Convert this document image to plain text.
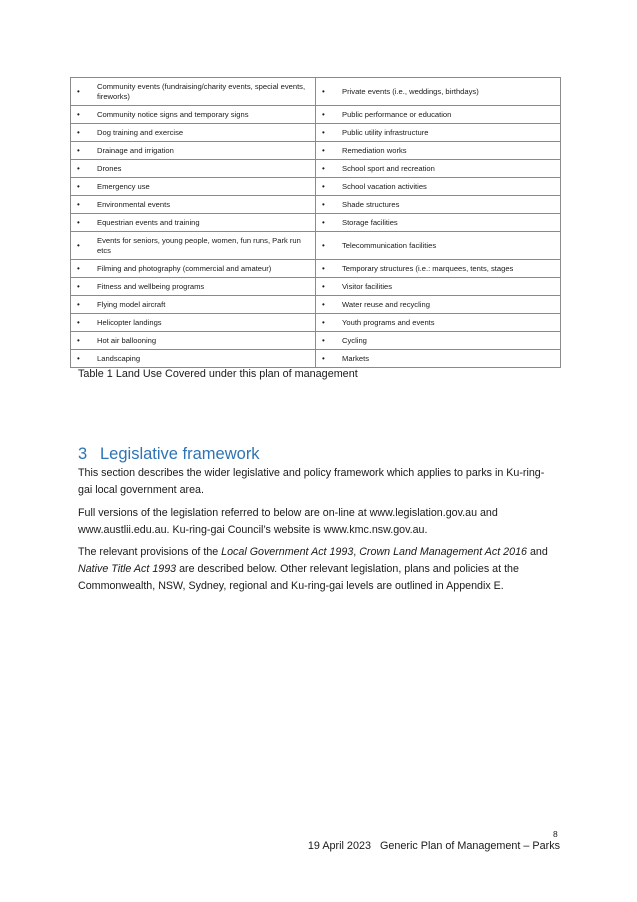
•
Community events (fundraising/charity events, special events, fireworks)	• Private events (i.e., weddings, birthdays)

• Community notice signs and temporary signs	• Public performance or education

• Dog training and exercise	• Public utility infrastructure

• Drainage and irrigation	• Remediation works

• Drones	• School sport and recreation

• Emergency use	• School vacation activities

• Environmental events	• Shade structures

• Equestrian events and training	• Storage facilities

•
Events for seniors, young people, women, fun runs, Park run etcs	• Telecommunication facilities

• Filming and photography (commercial and amateur)	• Temporary structures (i.e.: marquees, tents, stages

• Fitness and wellbeing programs	• Visitor facilities

• Flying model aircraft	• Water reuse and recycling

• Helicopter landings	• Youth programs and events

• Hot air ballooning	• Cycling

• Landscaping	• Markets
Table 1 Land Use Covered under this plan of management
3 Legislative framework
This section describes the wider legislative and policy framework which applies to parks in Ku-ring-gai local government area.
Full versions of the legislation referred to below are on-line at www.legislation.gov.au and www.austlii.edu.au. Ku-ring-gai Council’s website is www.kmc.nsw.gov.au.
The relevant provisions of the Local Government Act 1993, Crown Land Management Act 2016 and Native Title Act 1993 are described below. Other relevant legislation, plans and policies at the Commonwealth, NSW, Sydney, regional and Ku-ring-gai levels are outlined in Appendix E.
8
19 April 2023   Generic Plan of Management – Parks
